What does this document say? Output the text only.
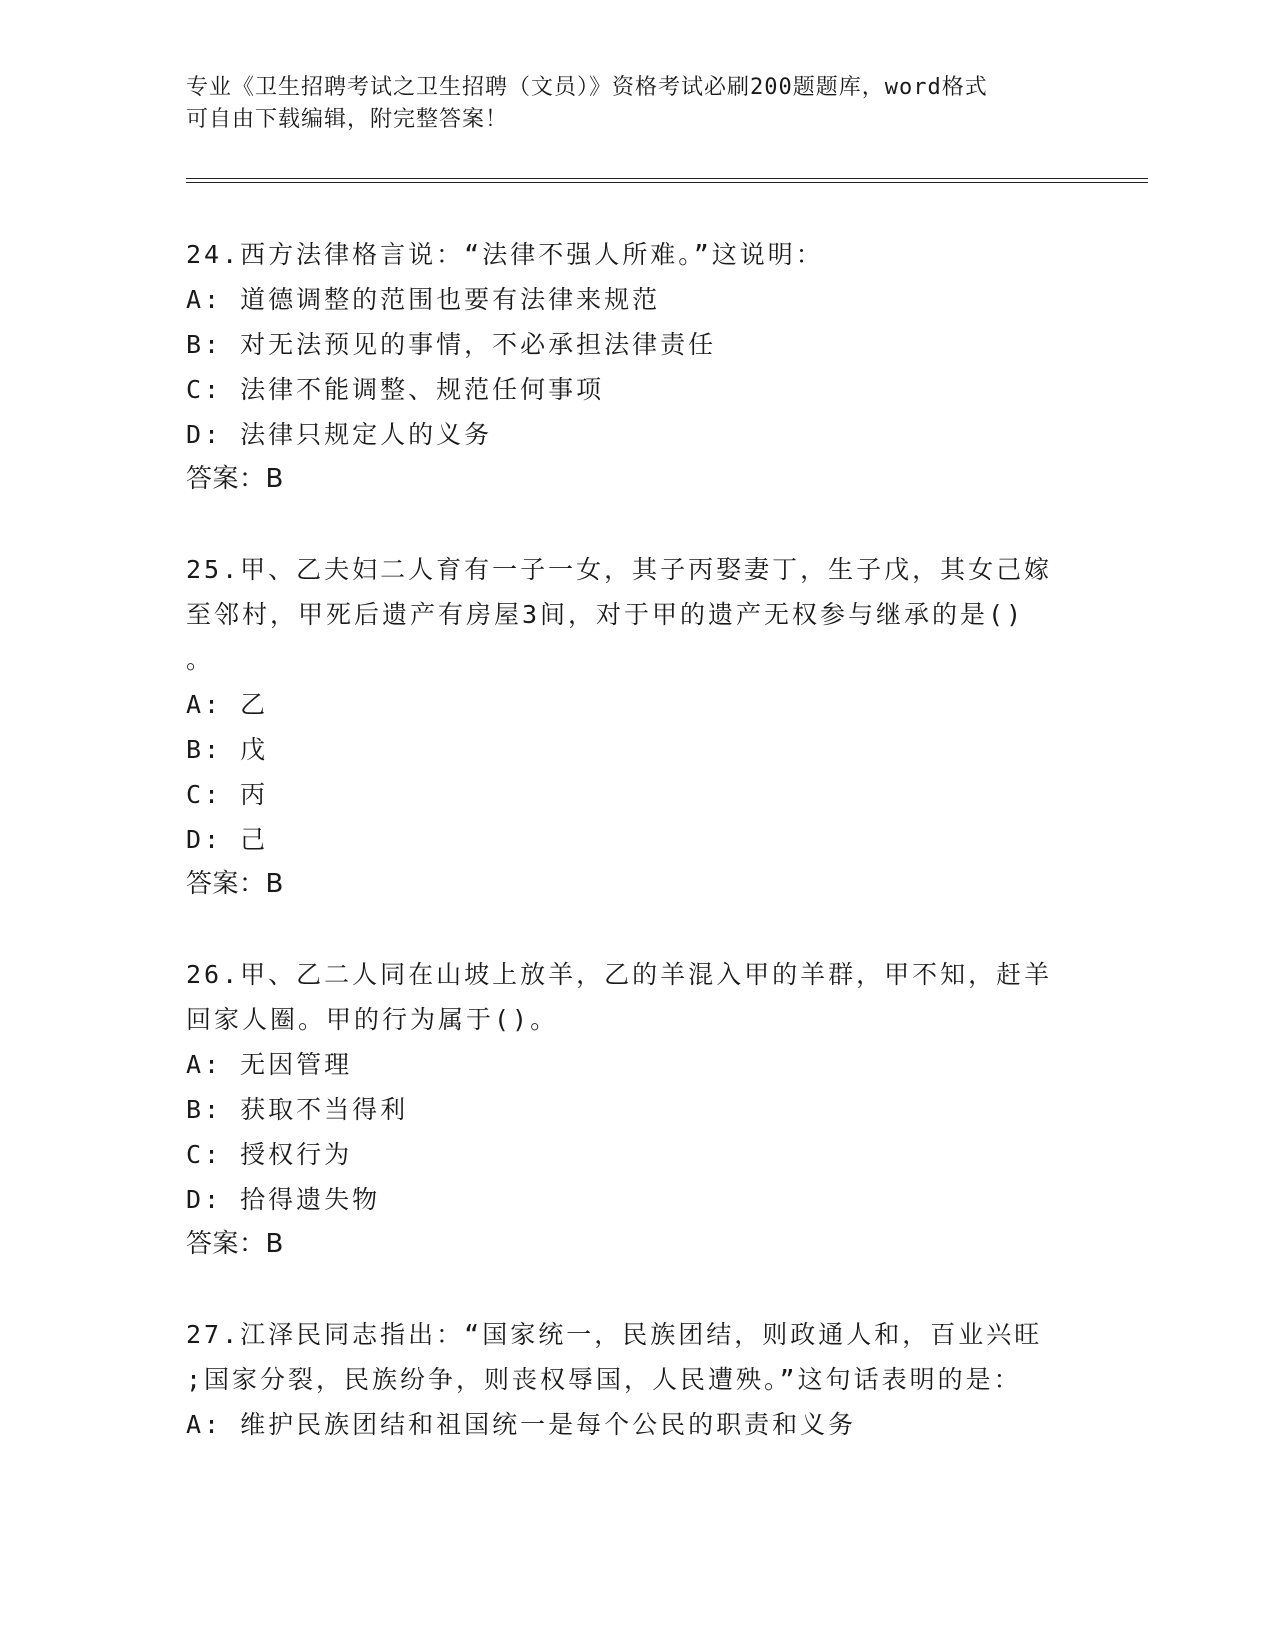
专业《卫生招聘考试之卫生招聘（文员）》资格考试必刷200题题库，word格式
可自由下载编辑，附完整答案！

24.西方法律格言说：“法律不强人所难。”这说明：

A: 道德调整的范围也要有法律来规范

B: 对无法预见的事情，不必承担法律责任

C: 法律不能调整、规范任何事项

D: 法律只规定人的义务

答案：B

25.甲、乙夫妇二人育有一子一女，其子丙娶妻丁，生子戊，其女己嫁

至邻村，甲死后遗产有房屋3间，对于甲的遗产无权参与继承的是()

。

A: 乙

B: 戊

C: 丙

D: 己

答案：B

26.甲、乙二人同在山坡上放羊，乙的羊混入甲的羊群，甲不知，赶羊

回家人圈。甲的行为属于()。

A: 无因管理

B: 获取不当得利

C: 授权行为

D: 拾得遗失物

答案：B

27.江泽民同志指出：“国家统一，民族团结，则政通人和，百业兴旺

;国家分裂，民族纷争，则丧权辱国，人民遭殃。”这句话表明的是：

A: 维护民族团结和祖国统一是每个公民的职责和义务
